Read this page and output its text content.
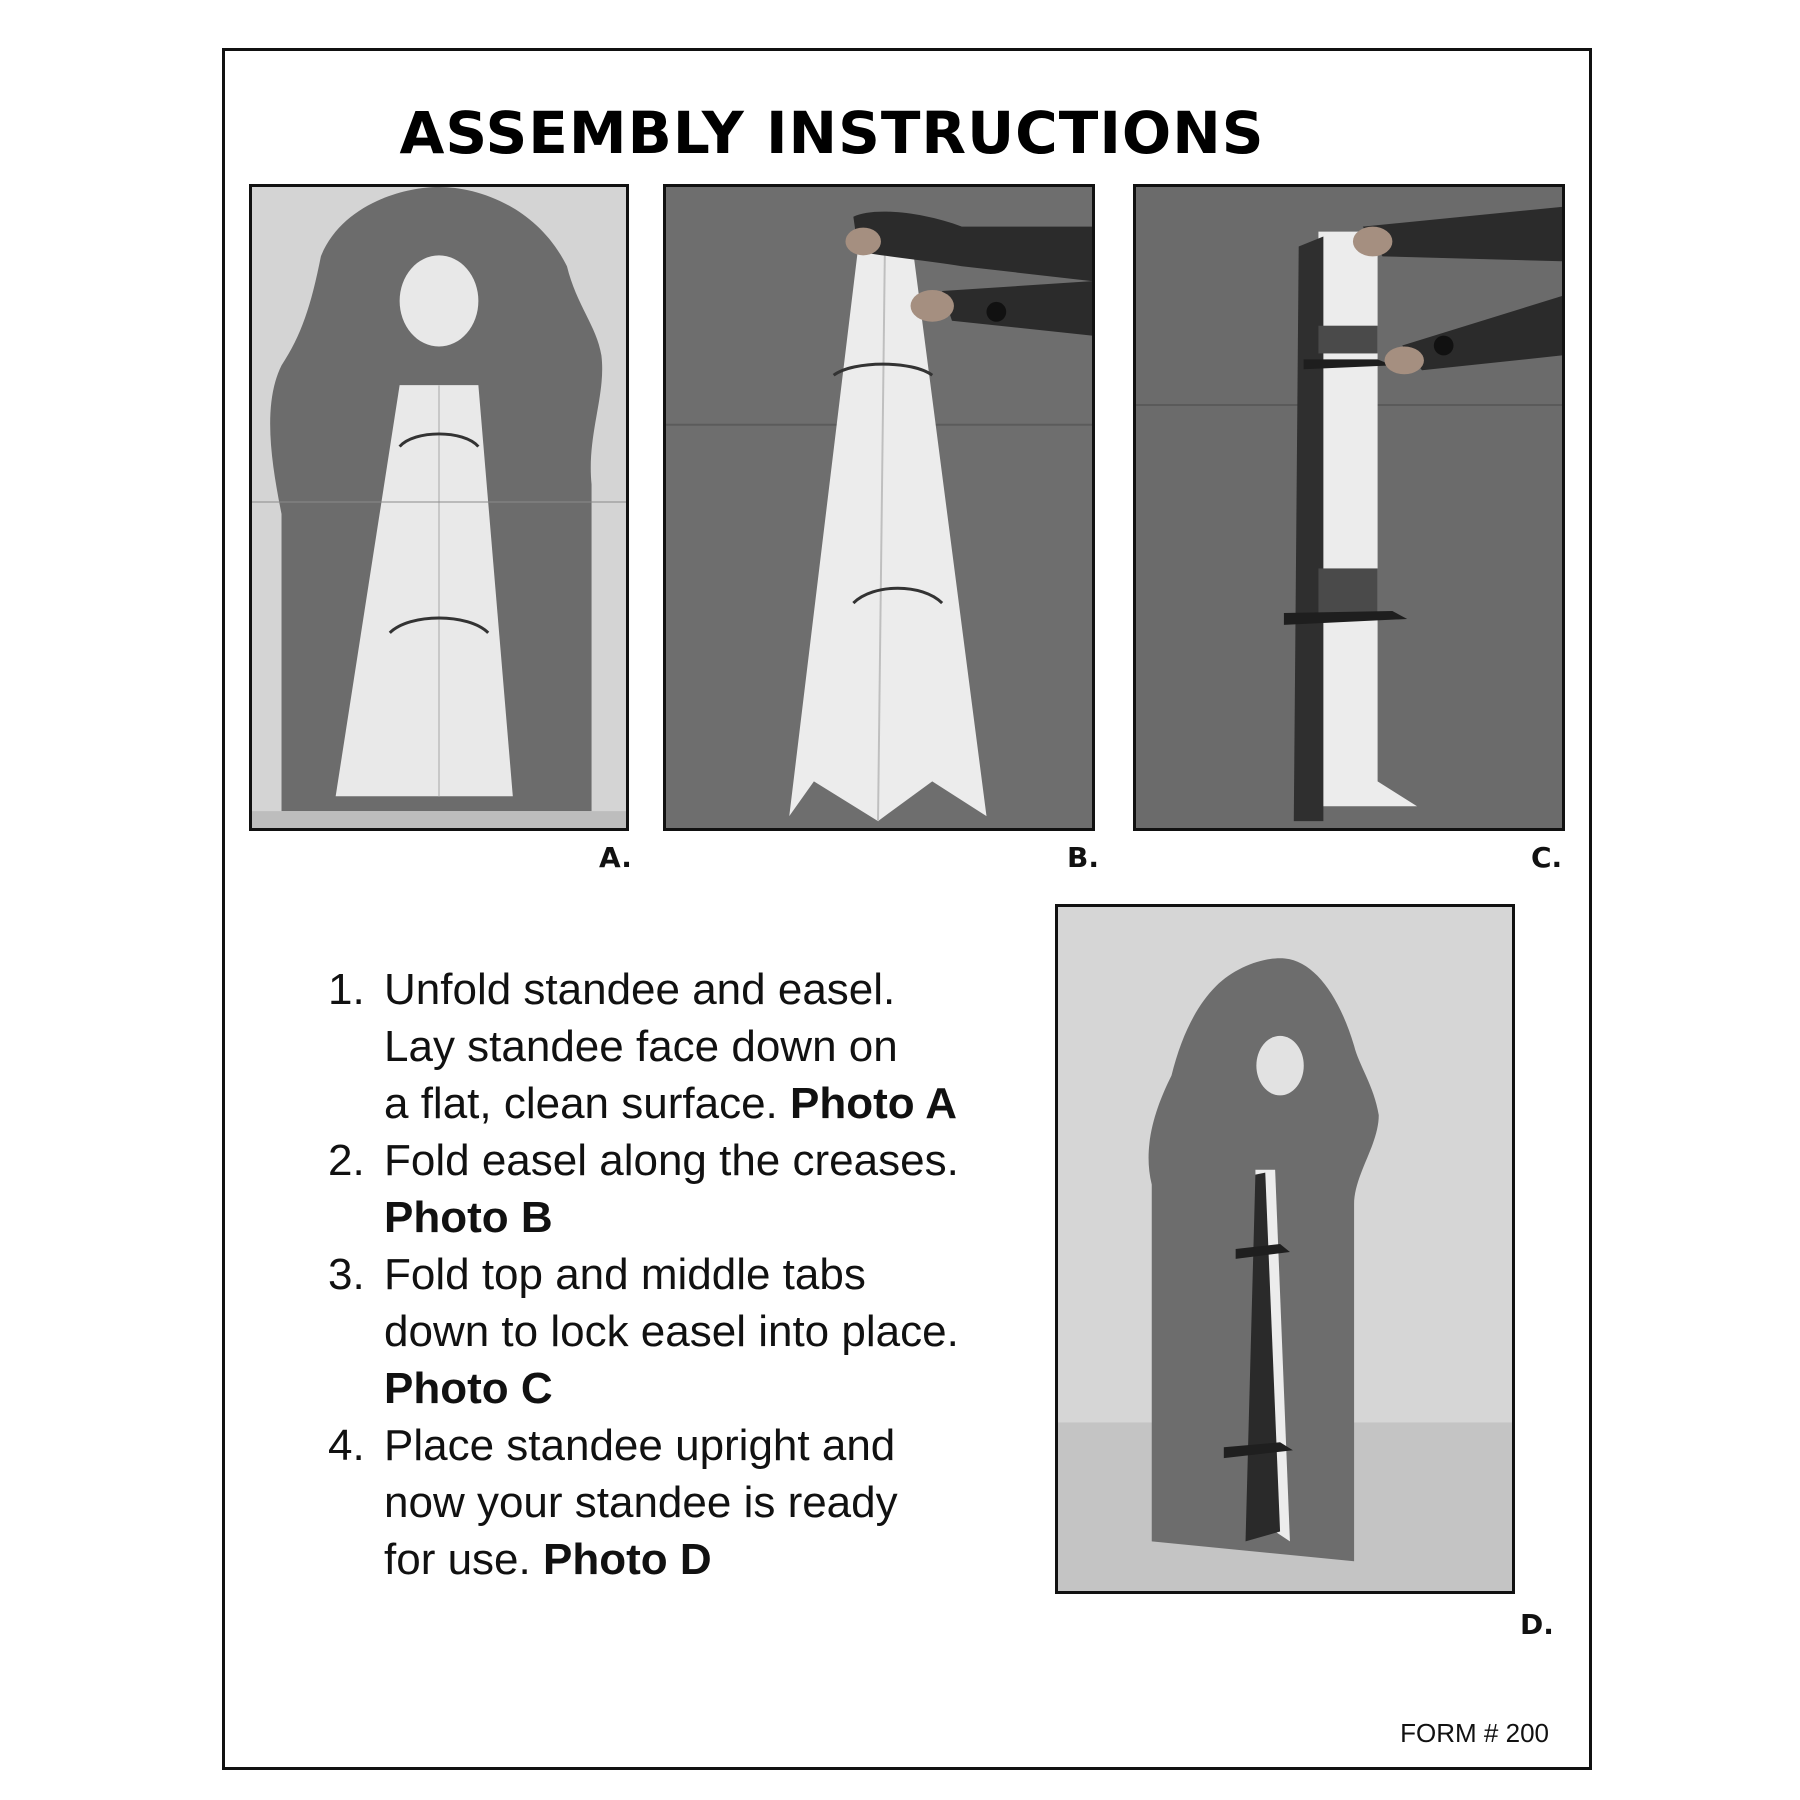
ASSEMBLY INSTRUCTIONS
A.	B.	C.
1. Unfold standee and easel.
Lay standee face down on
a flat, clean surface. Photo A
2. Fold easel along the creases.
Photo B
3. Fold top and middle tabs
down to lock easel into place.
Photo C
4. Place standee upright and
now your standee is ready
for use. Photo D
D.
FORM # 200
